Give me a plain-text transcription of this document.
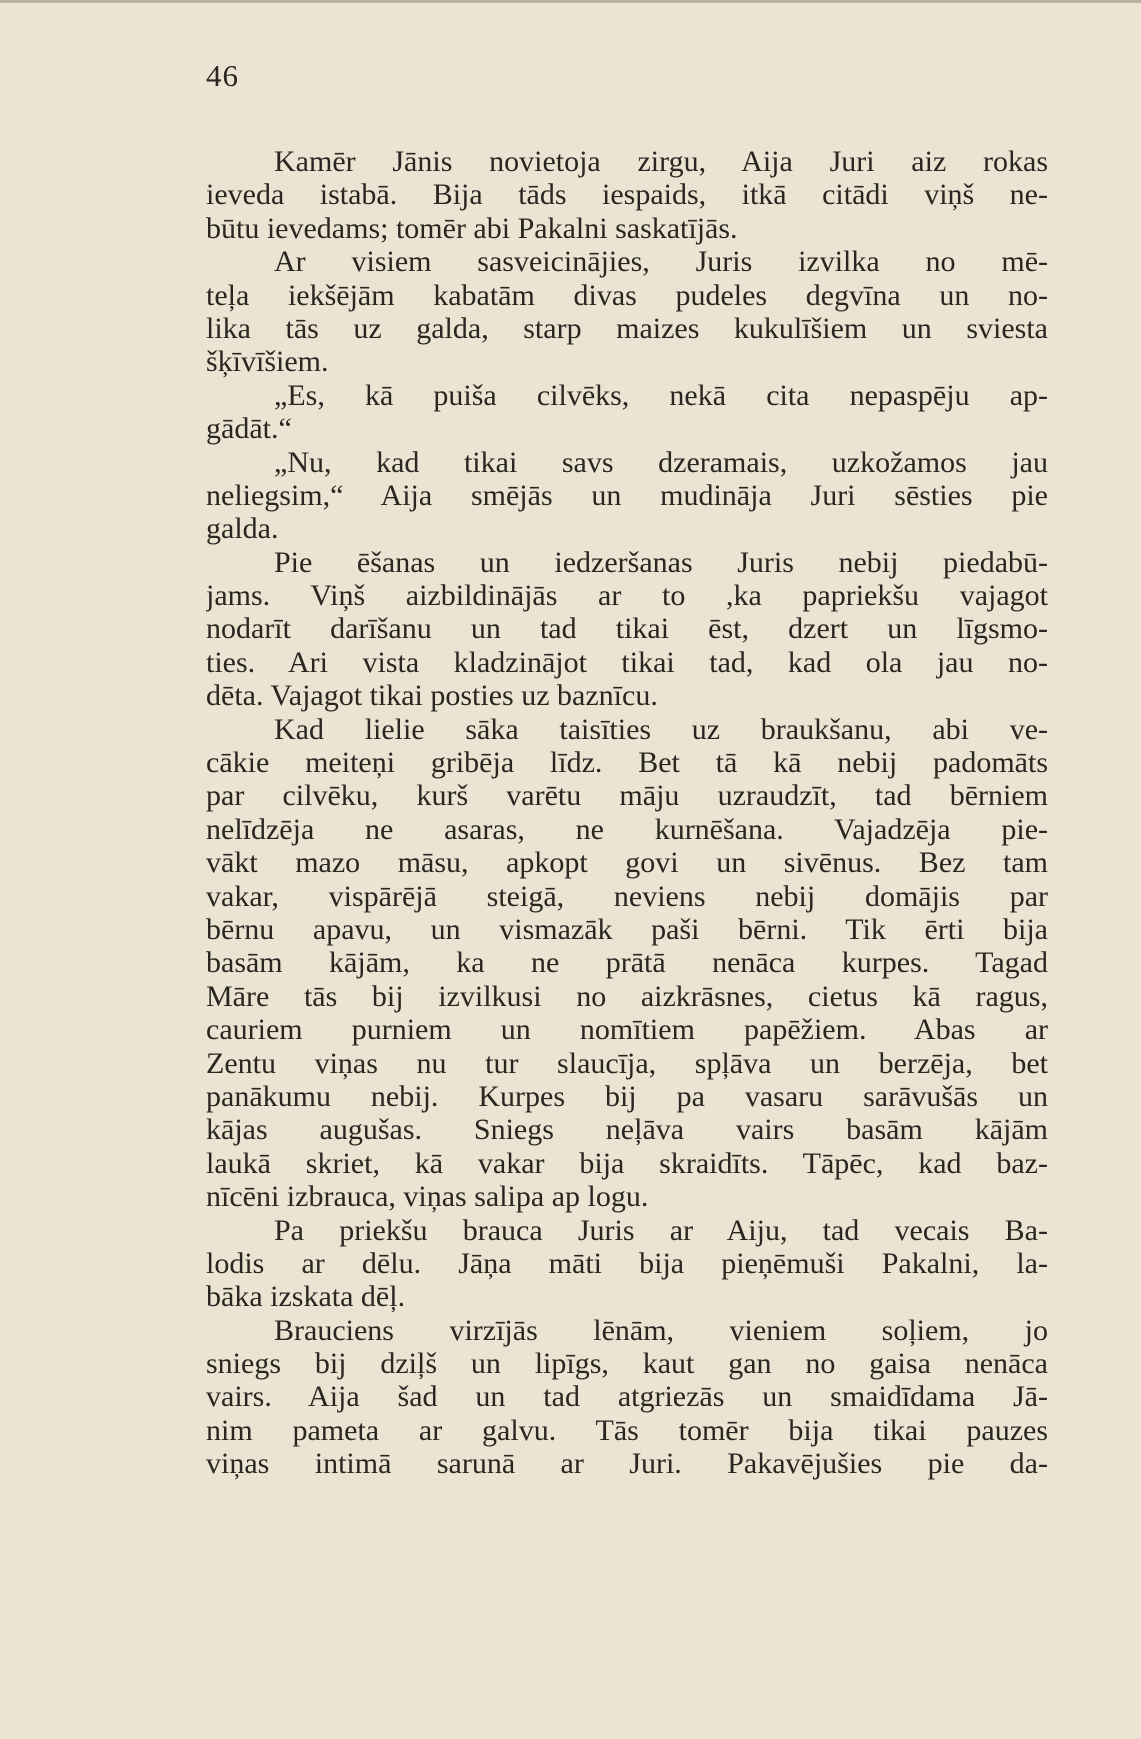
46
Kamēr Jānis novietoja zirgu, Aija Juri aiz rokas
ieveda istabā. Bija tāds iespaids, itkā citādi viņš ne-
būtu ievedams; tomēr abi Pakalni saskatījās.
Ar visiem sasveicinājies, Juris izvilka no mē-
teļa iekšējām kabatām divas pudeles degvīna un no-
lika tās uz galda, starp maizes kukulīšiem un sviesta
šķīvīšiem.
„Es, kā puiša cilvēks, nekā cita nepaspēju ap-
gādāt.“
„Nu, kad tikai savs dzeramais, uzkožamos jau
neliegsim,“ Aija smējās un mudināja Juri sēsties pie
galda.
Pie ēšanas un iedzeršanas Juris nebij piedabū-
jams. Viņš aizbildinājās ar to ,ka papriekšu vajagot
nodarīt darīšanu un tad tikai ēst, dzert un līgsmo-
ties. Ari vista kladzinājot tikai tad, kad ola jau no-
dēta. Vajagot tikai posties uz baznīcu.
Kad lielie sāka taisīties uz braukšanu, abi ve-
cākie meiteņi gribēja līdz. Bet tā kā nebij padomāts
par cilvēku, kurš varētu māju uzraudzīt, tad bērniem
nelīdzēja ne asaras, ne kurnēšana. Vajadzēja pie-
vākt mazo māsu, apkopt govi un sivēnus. Bez tam
vakar, vispārējā steigā, neviens nebij domājis par
bērnu apavu, un vismazāk paši bērni. Tik ērti bija
basām kājām, ka ne prātā nenāca kurpes. Tagad
Māre tās bij izvilkusi no aizkrāsnes, cietus kā ragus,
cauriem purniem un nomītiem papēžiem. Abas ar
Zentu viņas nu tur slaucīja, spļāva un berzēja, bet
panākumu nebij. Kurpes bij pa vasaru sarāvušās un
kājas augušas. Sniegs neļāva vairs basām kājām
laukā skriet, kā vakar bija skraidīts. Tāpēc, kad baz-
nīcēni izbrauca, viņas salipa ap logu.
Pa priekšu brauca Juris ar Aiju, tad vecais Ba-
lodis ar dēlu. Jāņa māti bija pieņēmuši Pakalni, la-
bāka izskata dēļ.
Brauciens virzījās lēnām, vieniem soļiem, jo
sniegs bij dziļš un lipīgs, kaut gan no gaisa nenāca
vairs. Aija šad un tad atgriezās un smaidīdama Jā-
nim pameta ar galvu. Tās tomēr bija tikai pauzes
viņas intimā sarunā ar Juri. Pakavējušies pie da-
